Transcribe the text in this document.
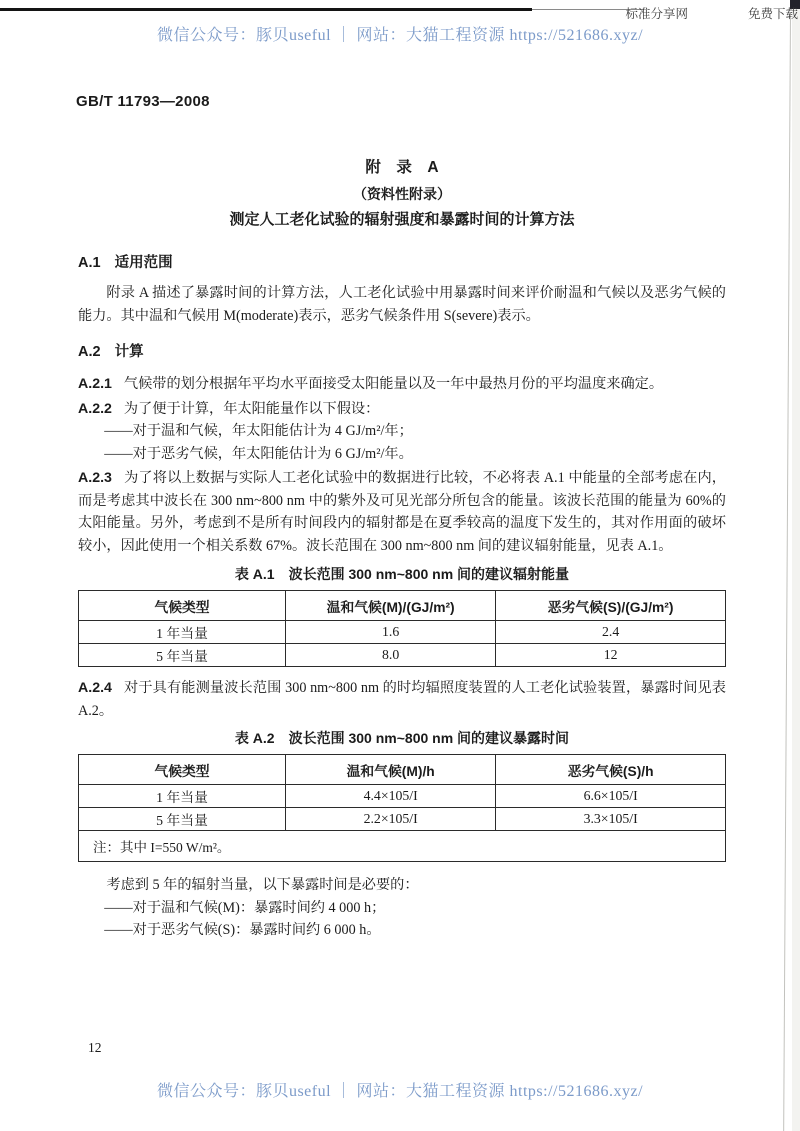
标准分享网	免费下载
微信公众号：豚贝useful ｜ 网站：大猫工程资源 https://521686.xyz/
GB/T 11793—2008
附　录　A
（资料性附录）
测定人工老化试验的辐射强度和暴露时间的计算方法
A.1 适用范围

附录 A 描述了暴露时间的计算方法，人工老化试验中用暴露时间来评价耐温和气候以及恶劣气候的能力。其中温和气候用 M(moderate)表示，恶劣气候条件用 S(severe)表示。

A.2 计算

A.2.1 气候带的划分根据年平均水平面接受太阳能量以及一年中最热月份的平均温度来确定。

A.2.2 为了便于计算，年太阳能量作以下假设：

——对于温和气候，年太阳能估计为 4 GJ/m²/年；

——对于恶劣气候，年太阳能估计为 6 GJ/m²/年。

A.2.3 为了将以上数据与实际人工老化试验中的数据进行比较，不必将表 A.1 中能量的全部考虑在内，而是考虑其中波长在 300 nm~800 nm 中的紫外及可见光部分所包含的能量。该波长范围的能量为 60%的太阳能量。另外，考虑到不是所有时间段内的辐射都是在夏季较高的温度下发生的，其对作用面的破坏较小，因此使用一个相关系数 67%。波长范围在 300 nm~800 nm 间的建议辐射能量，见表 A.1。

表 A.1　波长范围 300 nm~800 nm 间的建议辐射能量
气候类型	温和气候(M)/(GJ/m²)	恶劣气候(S)/(GJ/m²)
1 年当量	1.6	2.4
5 年当量	8.0	12

A.2.4 对于具有能测量波长范围 300 nm~800 nm 的时均辐照度装置的人工老化试验装置，暴露时间见表 A.2。

表 A.2　波长范围 300 nm~800 nm 间的建议暴露时间
气候类型	温和气候(M)/h	恶劣气候(S)/h
1 年当量	4.4×105/I	6.6×105/I
5 年当量	2.2×105/I	3.3×105/I
注：其中 I=550 W/m²。		

考虑到 5 年的辐射当量，以下暴露时间是必要的：

——对于温和气候(M)：暴露时间约 4 000 h；

——对于恶劣气候(S)：暴露时间约 6 000 h。

12
微信公众号：豚贝useful ｜ 网站：大猫工程资源 https://521686.xyz/
